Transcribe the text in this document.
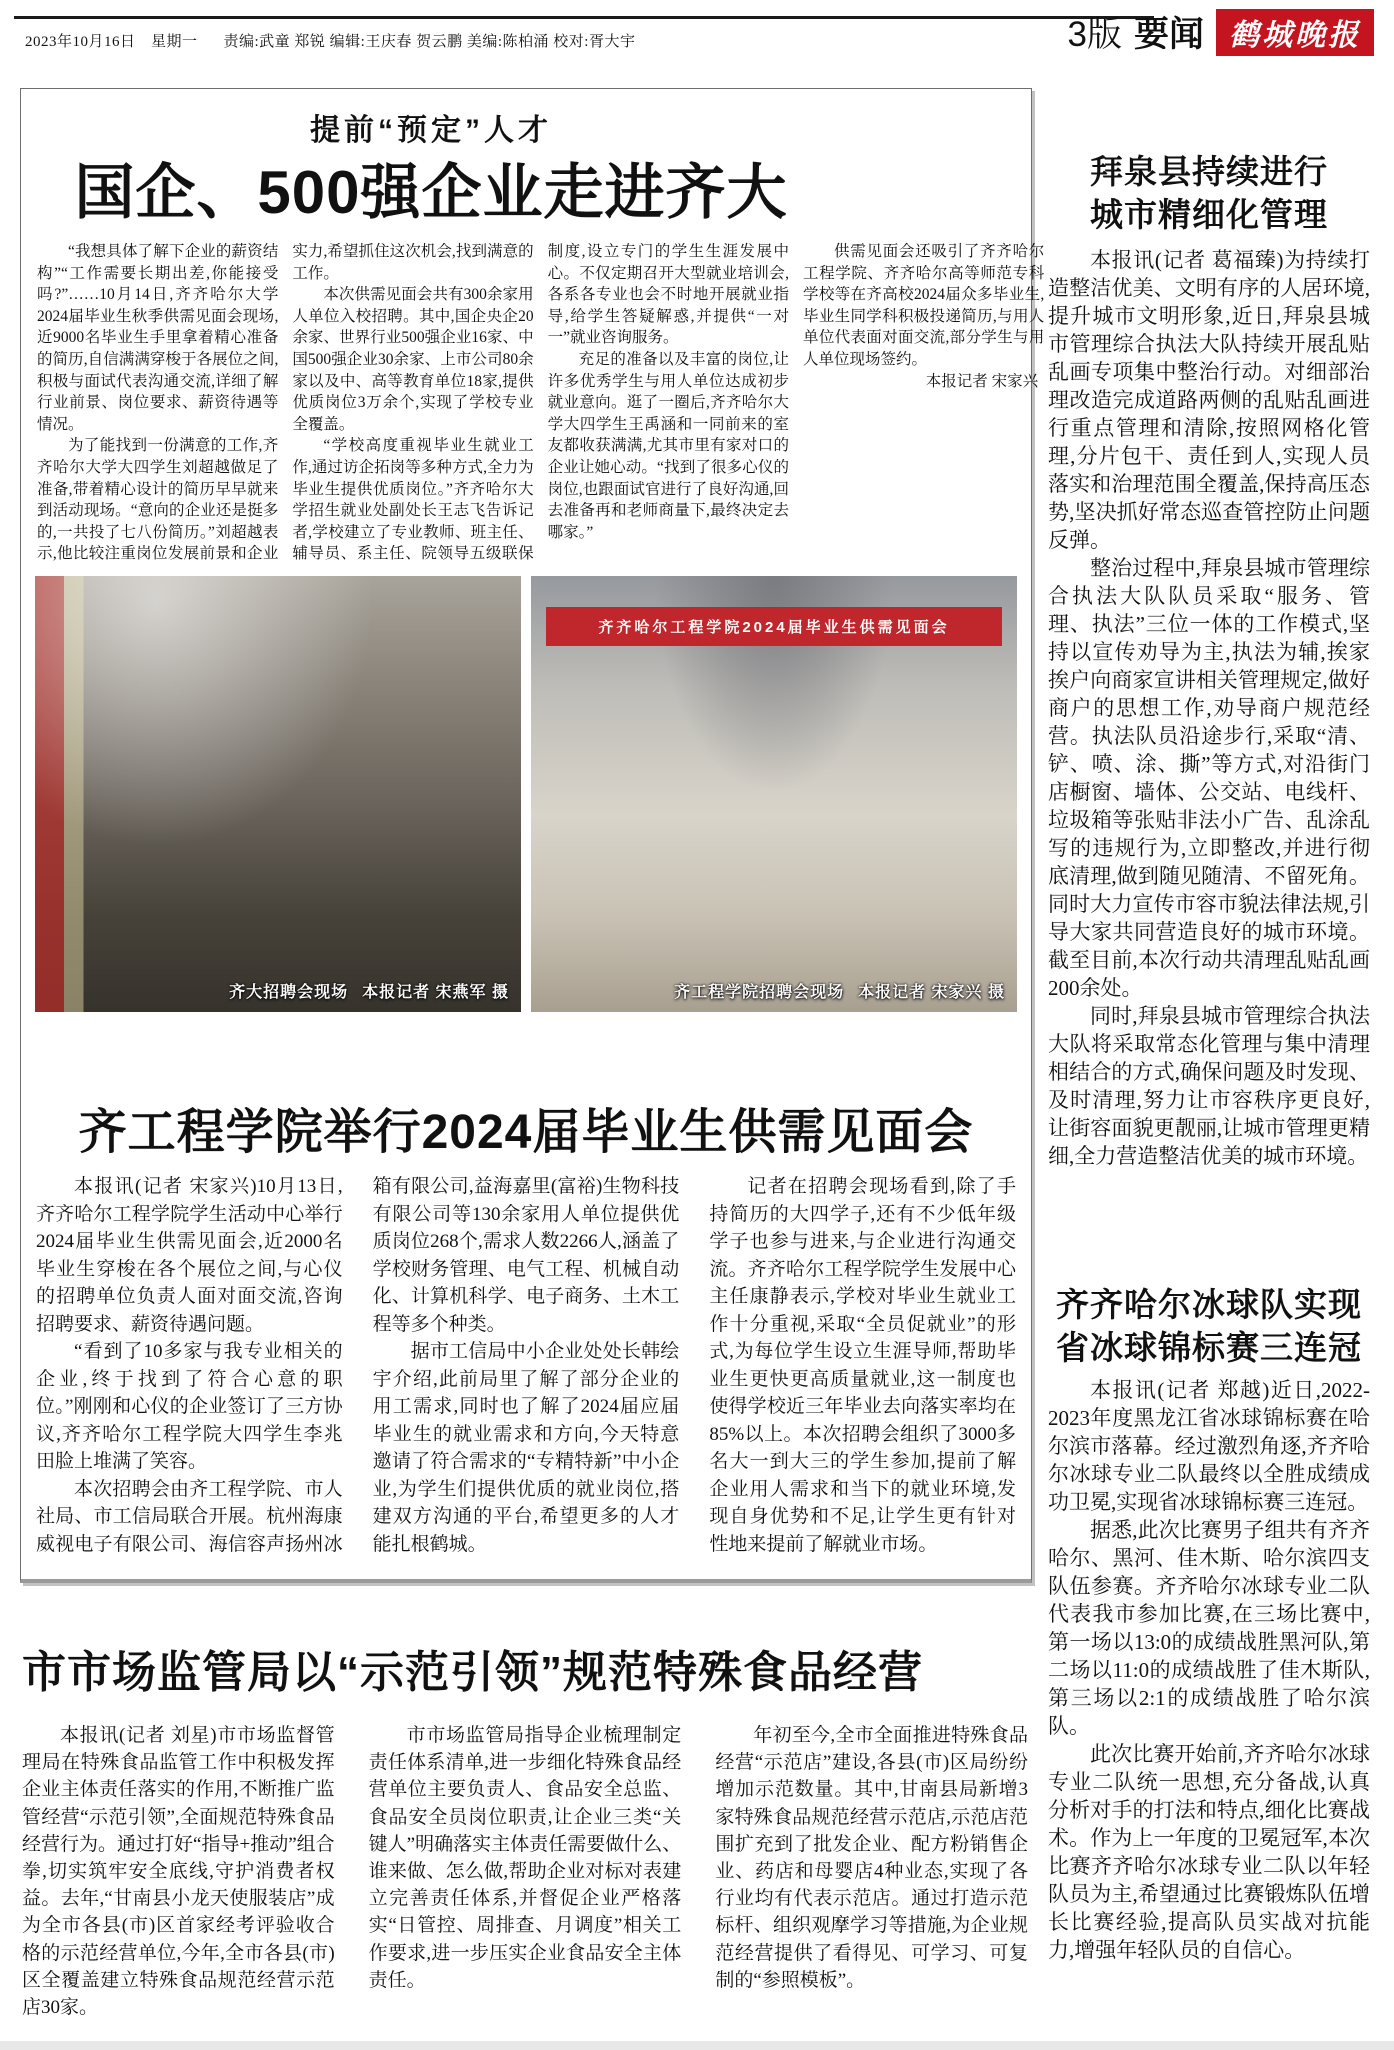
2023年10月16日　星期一 责编:武童 郑锐 编辑:王庆春 贺云鹏 美编:陈柏涌 校对:胥大宇	3版 要闻 鹤城晚报
提前“预定”人才
国企、500强企业走进齐大

“我想具体了解下企业的薪资结构”“工作需要长期出差,你能接受吗?”……10月14日,齐齐哈尔大学2024届毕业生秋季供需见面会现场,近9000名毕业生手里拿着精心准备的简历,自信满满穿梭于各展位之间,积极与面试代表沟通交流,详细了解行业前景、岗位要求、薪资待遇等情况。

为了能找到一份满意的工作,齐齐哈尔大学大四学生刘超越做足了准备,带着精心设计的简历早早就来到活动现场。“意向的企业还是挺多的,一共投了七八份简历。”刘超越表示,他比较注重岗位发展前景和企业实力,希望抓住这次机会,找到满意的工作。

本次供需见面会共有300余家用人单位入校招聘。其中,国企央企20余家、世界行业500强企业16家、中国500强企业30余家、上市公司80余家以及中、高等教育单位18家,提供优质岗位3万余个,实现了学校专业全覆盖。

“学校高度重视毕业生就业工作,通过访企拓岗等多种方式,全力为毕业生提供优质岗位。”齐齐哈尔大学招生就业处副处长王志飞告诉记者,学校建立了专业教师、班主任、辅导员、系主任、院领导五级联保制度,设立专门的学生生涯发展中心。不仅定期召开大型就业培训会,各系各专业也会不时地开展就业指导,给学生答疑解惑,并提供“一对一”就业咨询服务。

充足的准备以及丰富的岗位,让许多优秀学生与用人单位达成初步就业意向。逛了一圈后,齐齐哈尔大学大四学生王禹涵和一同前来的室友都收获满满,尤其市里有家对口的企业让她心动。“找到了很多心仪的岗位,也跟面试官进行了良好沟通,回去准备再和老师商量下,最终决定去哪家。”

供需见面会还吸引了齐齐哈尔工程学院、齐齐哈尔高等师范专科学校等在齐高校2024届众多毕业生,毕业生同学科积极投递简历,与用人单位代表面对面交流,部分学生与用人单位现场签约。

本报记者 宋家兴

齐大招聘会现场 本报记者 宋燕军 摄
齐齐哈尔工程学院2024届毕业生供需见面会
齐工程学院招聘会现场 本报记者 宋家兴 摄
齐工程学院举行2024届毕业生供需见面会

本报讯(记者 宋家兴)10月13日,齐齐哈尔工程学院学生活动中心举行2024届毕业生供需见面会,近2000名毕业生穿梭在各个展位之间,与心仪的招聘单位负责人面对面交流,咨询招聘要求、薪资待遇问题。

“看到了10多家与我专业相关的企业,终于找到了符合心意的职位。”刚刚和心仪的企业签订了三方协议,齐齐哈尔工程学院大四学生李兆田脸上堆满了笑容。

本次招聘会由齐工程学院、市人社局、市工信局联合开展。杭州海康威视电子有限公司、海信容声扬州冰箱有限公司,益海嘉里(富裕)生物科技有限公司等130余家用人单位提供优质岗位268个,需求人数2266人,涵盖了学校财务管理、电气工程、机械自动化、计算机科学、电子商务、土木工程等多个种类。

据市工信局中小企业处处长韩绘宇介绍,此前局里了解了部分企业的用工需求,同时也了解了2024届应届毕业生的就业需求和方向,今天特意邀请了符合需求的“专精特新”中小企业,为学生们提供优质的就业岗位,搭建双方沟通的平台,希望更多的人才能扎根鹤城。

记者在招聘会现场看到,除了手持简历的大四学子,还有不少低年级学子也参与进来,与企业进行沟通交流。齐齐哈尔工程学院学生发展中心主任康静表示,学校对毕业生就业工作十分重视,采取“全员促就业”的形式,为每位学生设立生涯导师,帮助毕业生更快更高质量就业,这一制度也使得学校近三年毕业去向落实率均在85%以上。本次招聘会组织了3000多名大一到大三的学生参加,提前了解企业用人需求和当下的就业环境,发现自身优势和不足,让学生更有针对性地来提前了解就业市场。

市市场监管局以“示范引领”规范特殊食品经营

本报讯(记者 刘星)市市场监督管理局在特殊食品监管工作中积极发挥企业主体责任落实的作用,不断推广监管经营“示范引领”,全面规范特殊食品经营行为。通过打好“指导+推动”组合拳,切实筑牢安全底线,守护消费者权益。去年,“甘南县小龙天使服装店”成为全市各县(市)区首家经考评验收合格的示范经营单位,今年,全市各县(市)区全覆盖建立特殊食品规范经营示范店30家。

市市场监管局指导企业梳理制定责任体系清单,进一步细化特殊食品经营单位主要负责人、食品安全总监、食品安全员岗位职责,让企业三类“关键人”明确落实主体责任需要做什么、谁来做、怎么做,帮助企业对标对表建立完善责任体系,并督促企业严格落实“日管控、周排查、月调度”相关工作要求,进一步压实企业食品安全主体责任。

年初至今,全市全面推进特殊食品经营“示范店”建设,各县(市)区局纷纷增加示范数量。其中,甘南县局新增3家特殊食品规范经营示范店,示范店范围扩充到了批发企业、配方粉销售企业、药店和母婴店4种业态,实现了各行业均有代表示范店。通过打造示范标杆、组织观摩学习等措施,为企业规范经营提供了看得见、可学习、可复制的“参照模板”。

拜泉县持续进行
城市精细化管理

本报讯(记者 葛福臻)为持续打造整洁优美、文明有序的人居环境,提升城市文明形象,近日,拜泉县城市管理综合执法大队持续开展乱贴乱画专项集中整治行动。对细部治理改造完成道路两侧的乱贴乱画进行重点管理和清除,按照网格化管理,分片包干、责任到人,实现人员落实和治理范围全覆盖,保持高压态势,坚决抓好常态巡查管控防止问题反弹。

整治过程中,拜泉县城市管理综合执法大队队员采取“服务、管理、执法”三位一体的工作模式,坚持以宣传劝导为主,执法为辅,挨家挨户向商家宣讲相关管理规定,做好商户的思想工作,劝导商户规范经营。执法队员沿途步行,采取“清、铲、喷、涂、撕”等方式,对沿街门店橱窗、墙体、公交站、电线杆、垃圾箱等张贴非法小广告、乱涂乱写的违规行为,立即整改,并进行彻底清理,做到随见随清、不留死角。同时大力宣传市容市貌法律法规,引导大家共同营造良好的城市环境。截至目前,本次行动共清理乱贴乱画200余处。

同时,拜泉县城市管理综合执法大队将采取常态化管理与集中清理相结合的方式,确保问题及时发现、及时清理,努力让市容秩序更良好,让街容面貌更靓丽,让城市管理更精细,全力营造整洁优美的城市环境。

齐齐哈尔冰球队实现
省冰球锦标赛三连冠

本报讯(记者 郑越)近日,2022-2023年度黑龙江省冰球锦标赛在哈尔滨市落幕。经过激烈角逐,齐齐哈尔冰球专业二队最终以全胜成绩成功卫冕,实现省冰球锦标赛三连冠。

据悉,此次比赛男子组共有齐齐哈尔、黑河、佳木斯、哈尔滨四支队伍参赛。齐齐哈尔冰球专业二队代表我市参加比赛,在三场比赛中,第一场以13:0的成绩战胜黑河队,第二场以11:0的成绩战胜了佳木斯队,第三场以2:1的成绩战胜了哈尔滨队。

此次比赛开始前,齐齐哈尔冰球专业二队统一思想,充分备战,认真分析对手的打法和特点,细化比赛战术。作为上一年度的卫冕冠军,本次比赛齐齐哈尔冰球专业二队以年轻队员为主,希望通过比赛锻炼队伍增长比赛经验,提高队员实战对抗能力,增强年轻队员的自信心。
